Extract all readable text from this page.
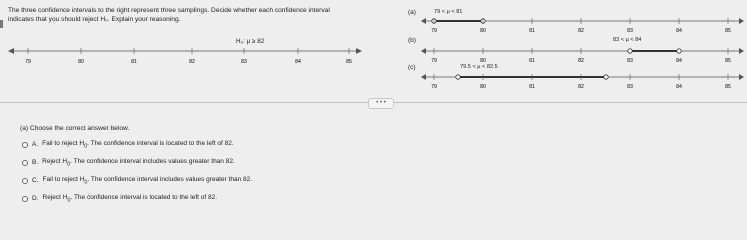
The three confidence intervals to the right represent three samplings. Decide whether each confidence interval
indicates that you should reject H₀. Explain your reasoning.
H₀: μ ≥ 82
79	80	81	82	83	84	85
(a)	79 < μ < 81
79	80	81	82	83	84	85
(b)	83 < μ < 84
79	80	81	82	83	84	85
(c)	79.5 < μ < 82.5
79	80	81	82	83	84	85
• • •
(a) Choose the correct answer below.
A. Fail to reject $H_0$. The confidence interval is located to the left of 82.
B. Reject $H_0$. The confidence interval includes values greater than 82.
C. Fail to reject $H_0$. The confidence interval includes values greater than 82.
D. Reject $H_0$. The confidence interval is located to the left of 82.
